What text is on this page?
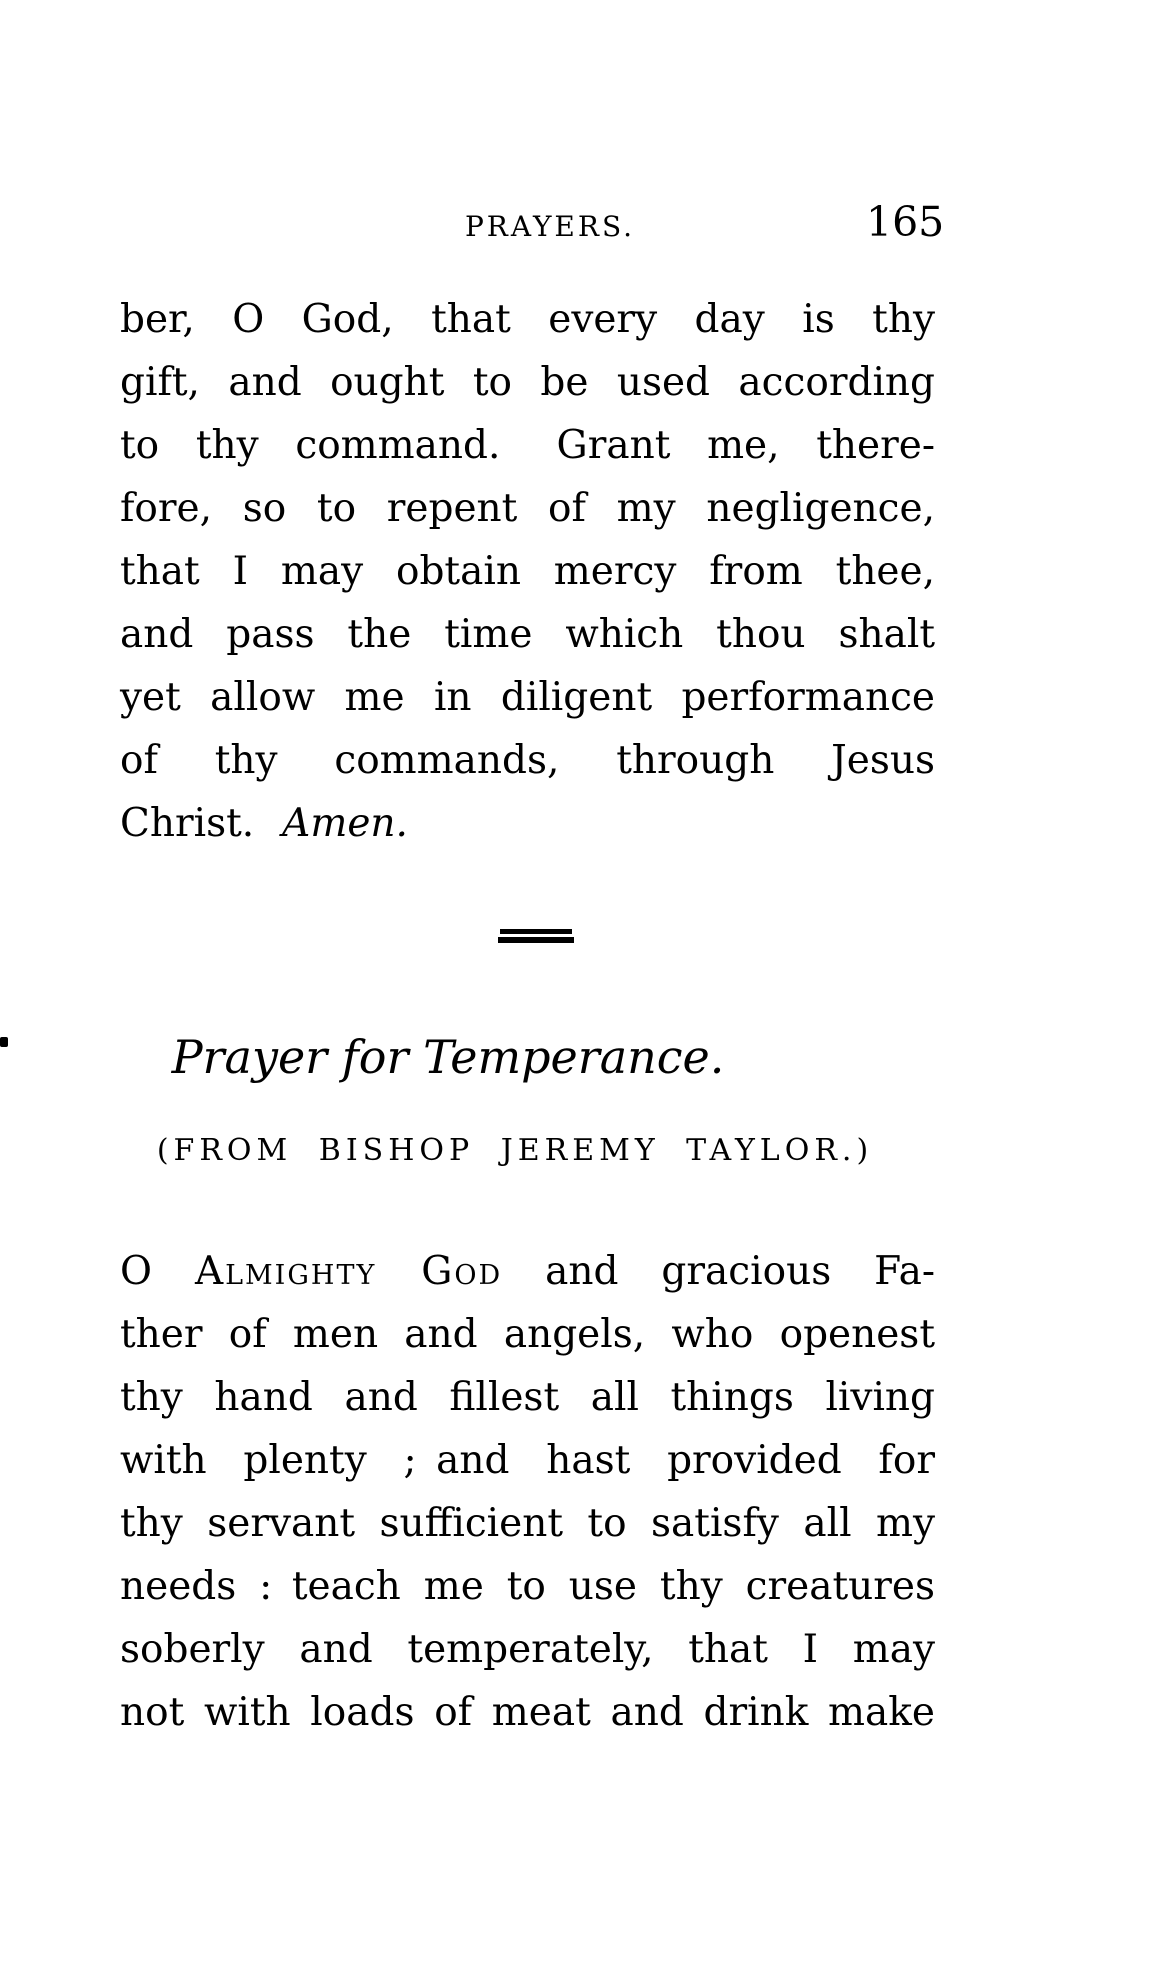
PRAYERS.	165
ber, O God, that every day is thy
gift, and ought to be used according
to thy command.  Grant me, there-
fore, so to repent of my negligence,
that I may obtain mercy from thee,
and pass the time which thou shalt
yet allow me in diligent performance
of thy commands, through Jesus
Christ. Amen.
Prayer for Temperance.
(FROM BISHOP JEREMY TAYLOR.)
O Almighty God and gracious Fa-
ther of men and angels, who openest
thy hand and fillest all things living
with plenty ; and hast provided for
thy servant sufficient to satisfy all my
needs : teach me to use thy creatures
soberly and temperately, that I may
not with loads of meat and drink make
